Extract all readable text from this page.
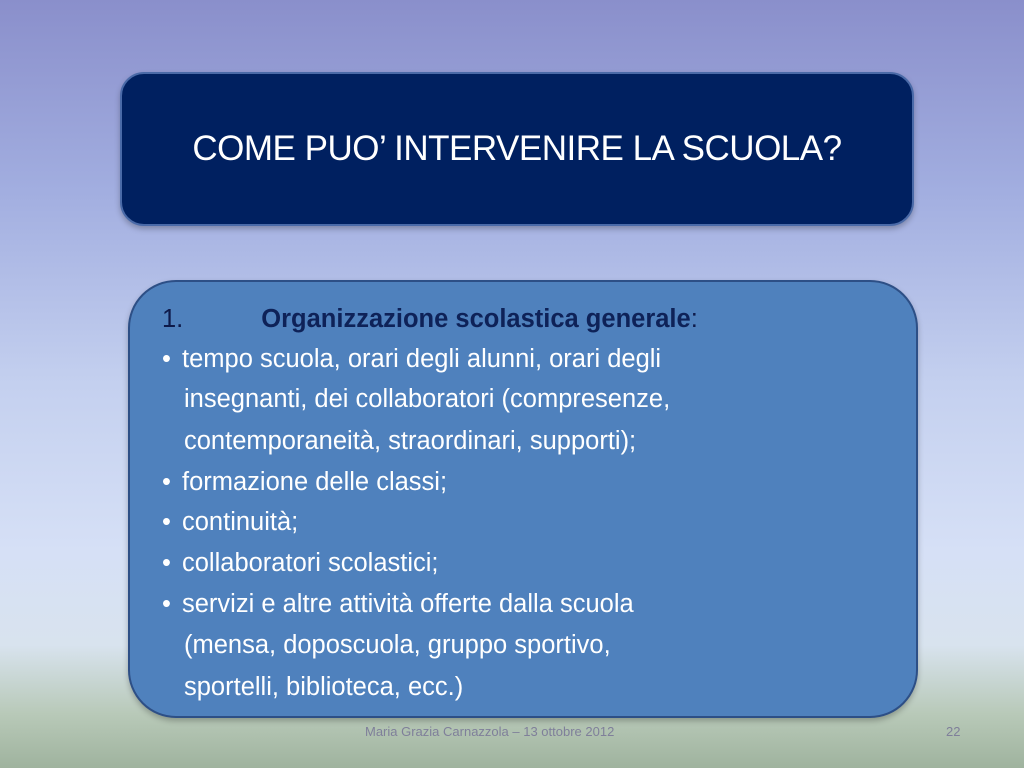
COME PUO’ INTERVENIRE LA SCUOLA?
1.	Organizzazione scolastica generale:
• tempo scuola, orari degli alunni, orari degli
insegnanti, dei collaboratori (compresenze,
contemporaneità, straordinari, supporti);
• formazione delle classi;
• continuità;
• collaboratori scolastici;
• servizi e altre attività offerte dalla scuola
(mensa, doposcuola, gruppo sportivo,
sportelli, biblioteca, ecc.)
Maria Grazia Carnazzola – 13 ottobre 2012	22
